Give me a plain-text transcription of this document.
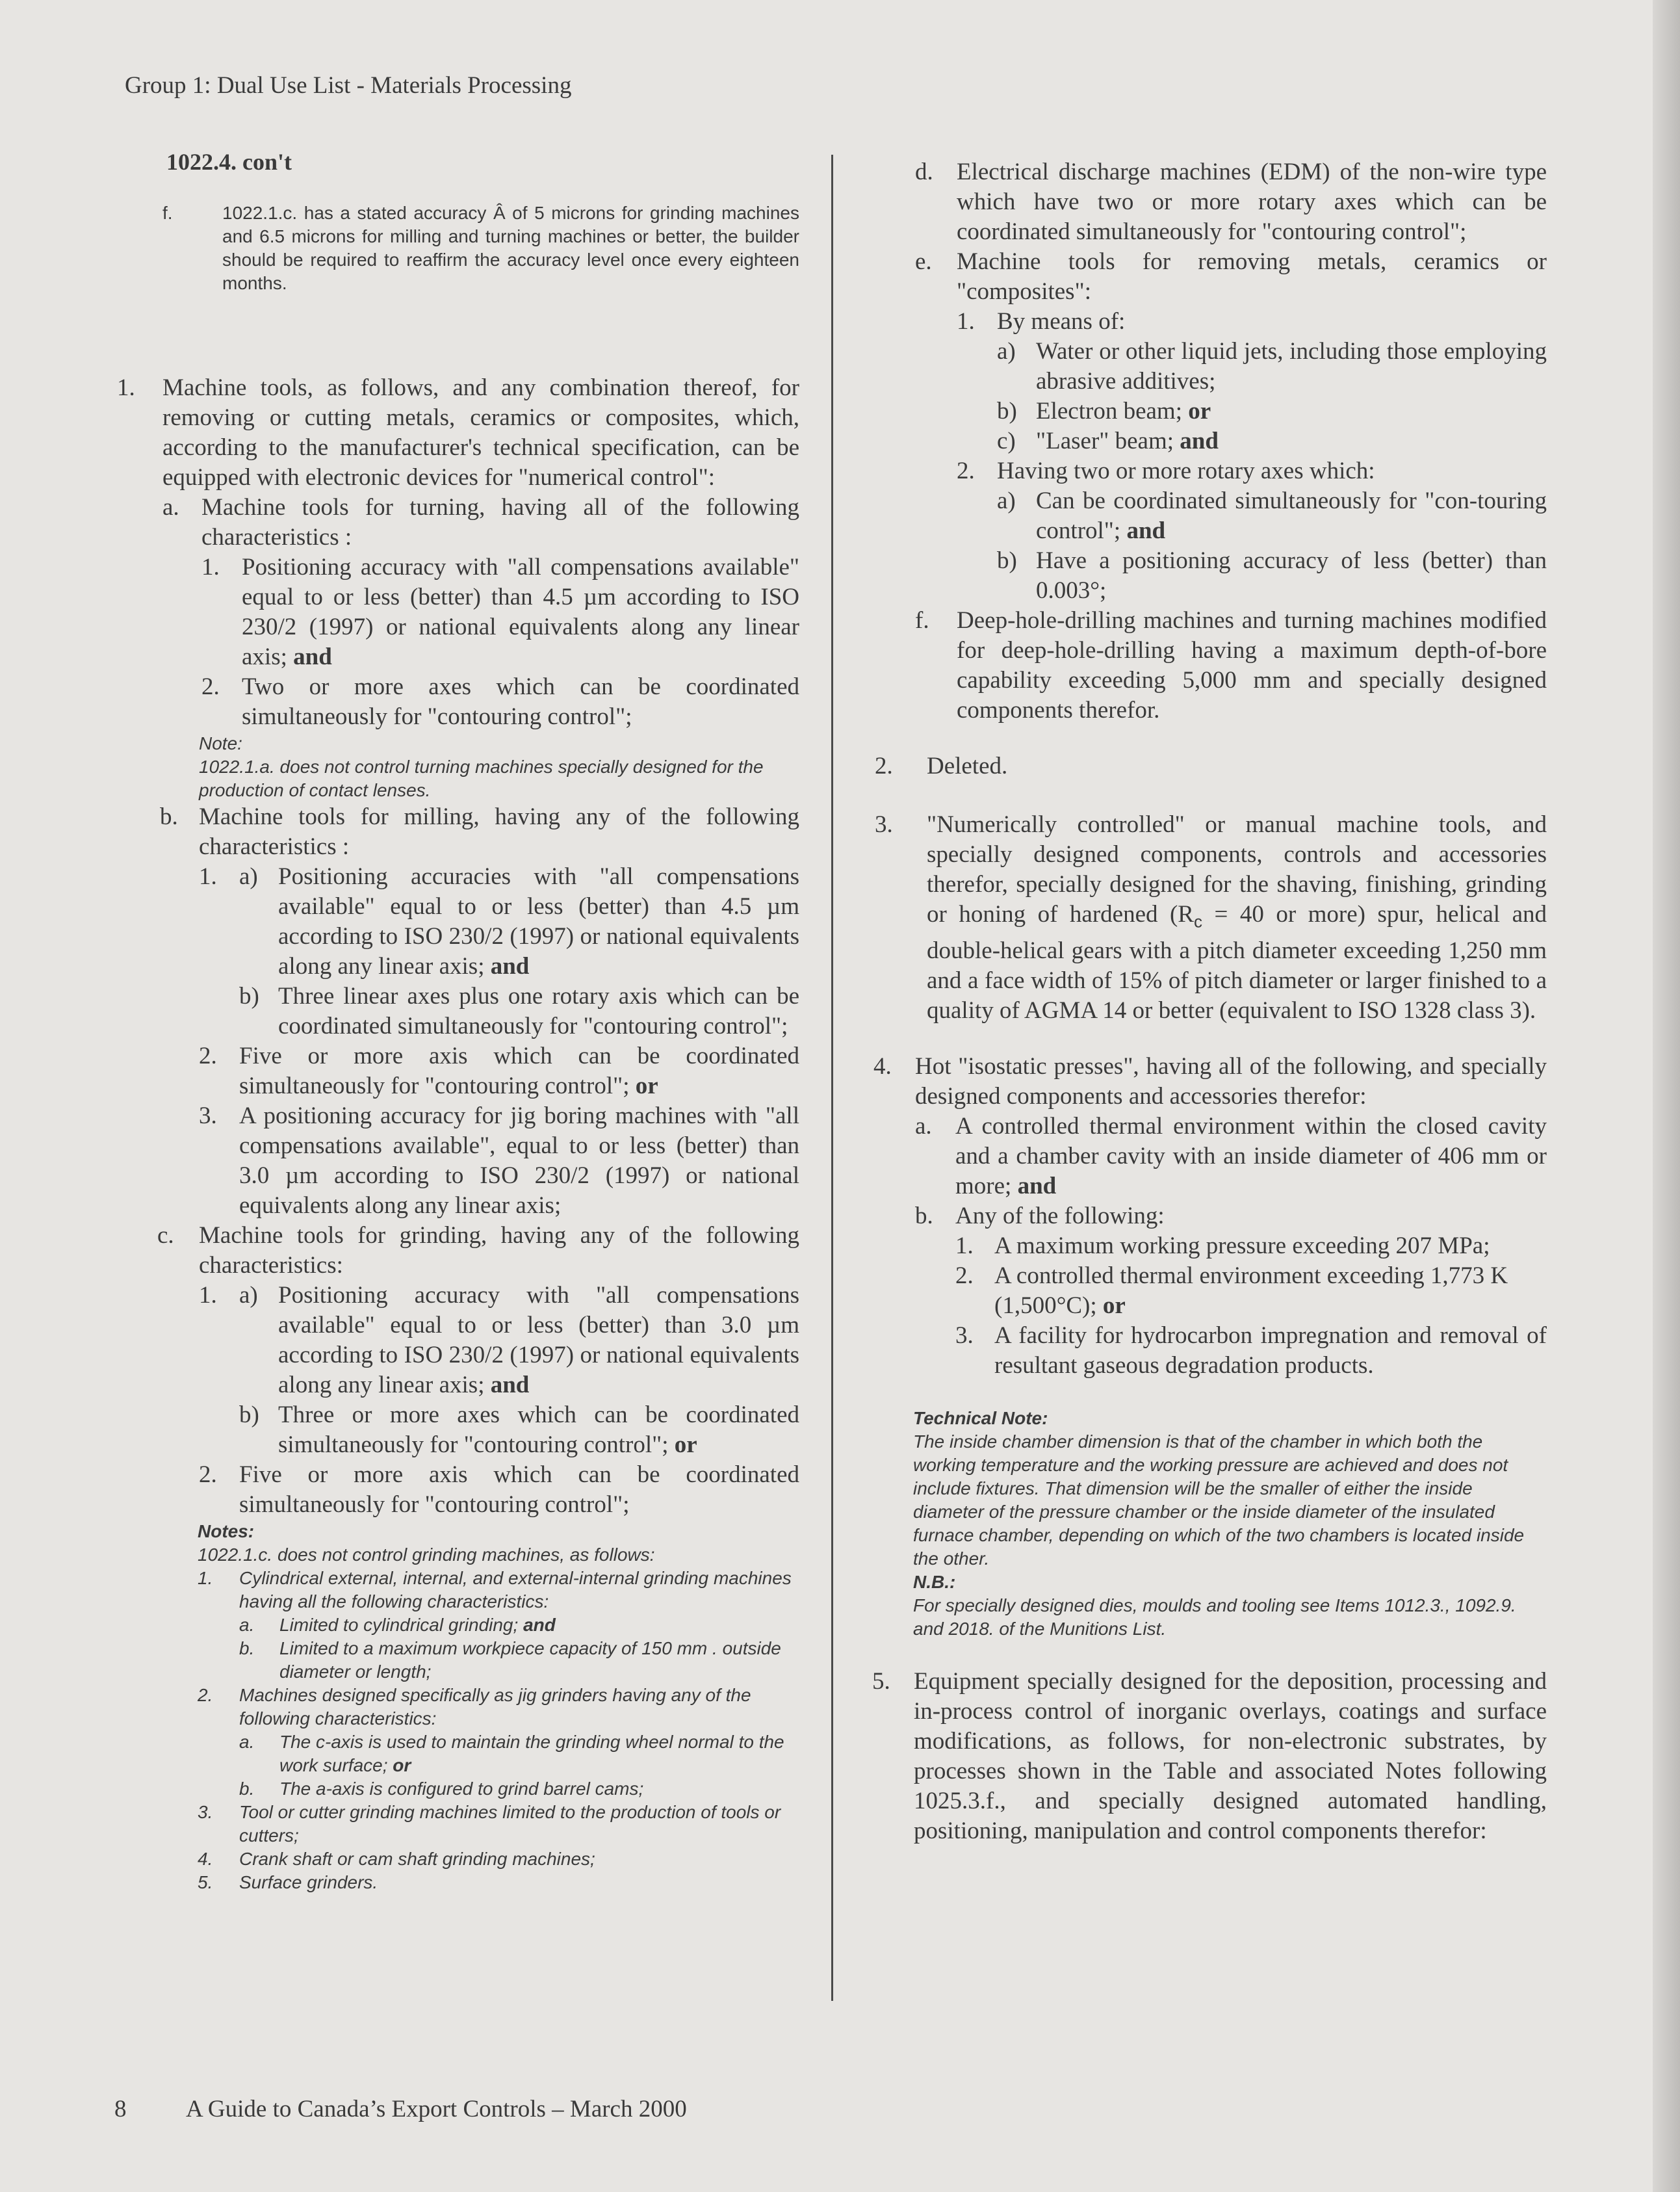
Group 1: Dual Use List - Materials Processing
1022.4. con't
f.	1022.1.c. has a stated accuracy Â of 5 microns for grinding machines and 6.5 microns for milling and turning machines or better, the builder should be required to reaffirm the accuracy level once every eighteen months.
1.	Machine tools, as follows, and any combination thereof, for removing or cutting metals, ceramics or composites, which, according to the manufacturer's technical specification, can be equipped with electronic devices for "numerical control":
a. Machine tools for turning, having all of the following characteristics :
1. Positioning accuracy with "all compensations available" equal to or less (better) than 4.5 µm according to ISO 230/2 (1997) or national equivalents along any linear axis; and
2. Two or more axes which can be coordinated simultaneously for "contouring control";
Note:
1022.1.a. does not control turning machines specially designed for the production of contact lenses.
b. Machine tools for milling, having any of the following characteristics :
1. a) Positioning accuracies with "all compensations available" equal to or less (better) than 4.5 µm according to ISO 230/2 (1997) or national equivalents along any linear axis; and
b) Three linear axes plus one rotary axis which can be coordinated simultaneously for "contouring control";
2. Five or more axis which can be coordinated simultaneously for "contouring control"; or
3. A positioning accuracy for jig boring machines with "all compensations available", equal to or less (better) than 3.0 µm according to ISO 230/2 (1997) or national equivalents along any linear axis;
c.	Machine tools for grinding, having any of the following characteristics:
1. a) Positioning accuracy with "all compensations available" equal to or less (better) than 3.0 µm according to ISO 230/2 (1997) or national equivalents along any linear axis; and
b) Three or more axes which can be coordinated simultaneously for "contouring control"; or
2. Five or more axis which can be coordinated simultaneously for "contouring control";
Notes:
1022.1.c. does not control grinding machines, as follows:
1.	Cylindrical external, internal, and external-internal grinding machines having all the following characteristics:
a.	Limited to cylindrical grinding; and
b.	Limited to a maximum workpiece capacity of 150 mm . outside diameter or length;
2.	Machines designed specifically as jig grinders having any of the following characteristics:
a.	The c-axis is used to maintain the grinding wheel normal to the work surface; or
b.	The a-axis is configured to grind barrel cams;
3.	Tool or cutter grinding machines limited to the production of tools or cutters;
4.	Crank shaft or cam shaft grinding machines;
5.	Surface grinders.
d. Electrical discharge machines (EDM) of the non-wire type which have two or more rotary axes which can be coordinated simultaneously for "contouring control";
e.	Machine tools for removing metals, ceramics or "composites":
1. By means of:
a) Water or other liquid jets, including those employing abrasive additives;
b) Electron beam; or
c) "Laser" beam; and
2. Having two or more rotary axes which:
a) Can be coordinated simultaneously for "con-touring control"; and
b) Have a positioning accuracy of less (better) than 0.003°;
f.	Deep-hole-drilling machines and turning machines modified for deep-hole-drilling having a maximum depth-of-bore capability exceeding 5,000 mm and specially designed components therefor.
2.	Deleted.
3.	"Numerically controlled" or manual machine tools, and specially designed components, controls and accessories therefor, specially designed for the shaving, finishing, grinding or honing of hardened ($R_c = 40$ or more) spur, helical and double-helical gears with a pitch diameter exceeding 1,250 mm and a face width of 15% of pitch diameter or larger finished to a quality of AGMA 14 or better (equivalent to ISO 1328 class 3).
4. Hot "isostatic presses", having all of the following, and specially designed components and accessories therefor:
a. A controlled thermal environment within the closed cavity and a chamber cavity with an inside diameter of 406 mm or more; and
b. Any of the following:
1. A maximum working pressure exceeding 207 MPa;
2. A controlled thermal environment exceeding 1,773 K (1,500°C); or
3. A facility for hydrocarbon impregnation and removal of resultant gaseous degradation products.
Technical Note:
The inside chamber dimension is that of the chamber in which both the working temperature and the working pressure are achieved and does not include fixtures. That dimension will be the smaller of either the inside diameter of the pressure chamber or the inside diameter of the insulated furnace chamber, depending on which of the two chambers is located inside the other.
N.B.:
For specially designed dies, moulds and tooling see Items 1012.3., 1092.9. and 2018. of the Munitions List.
5. Equipment specially designed for the deposition, processing and in-process control of inorganic overlays, coatings and surface modifications, as follows, for non-electronic substrates, by processes shown in the Table and associated Notes following 1025.3.f., and specially designed automated handling, positioning, manipulation and control components therefor:
8 A Guide to Canada’s Export Controls – March 2000
